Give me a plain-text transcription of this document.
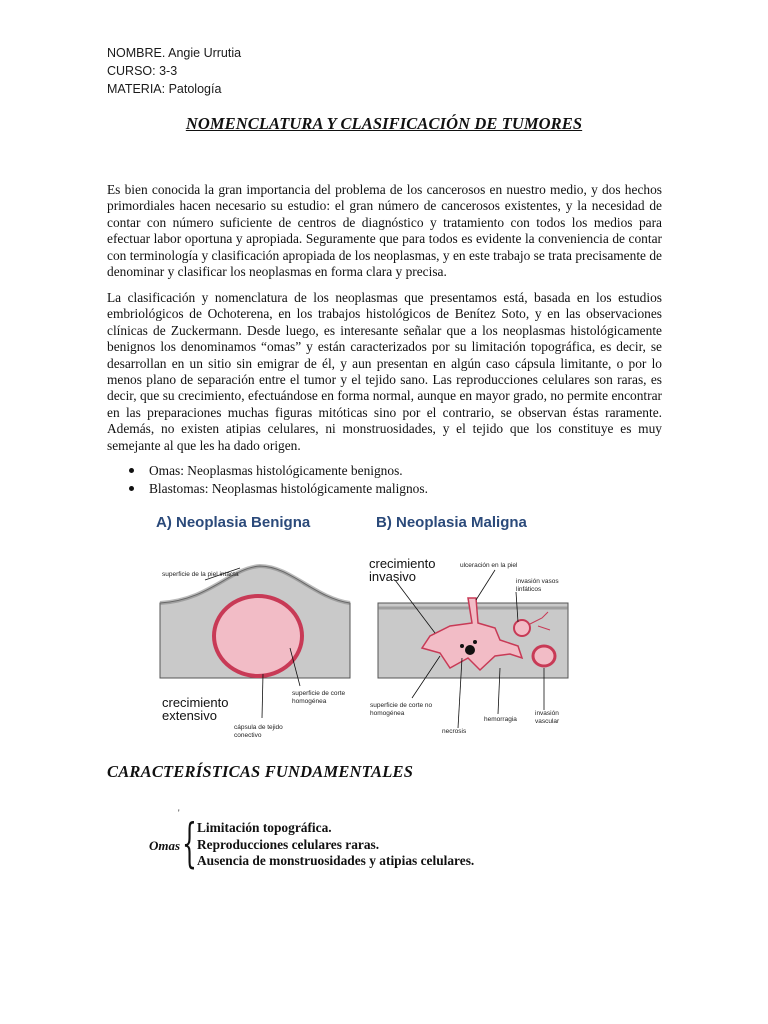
NOMBRE. Angie Urrutia
CURSO: 3-3
MATERIA: Patología
NOMENCLATURA Y CLASIFICACIÓN DE TUMORES
Es bien conocida la gran importancia del problema de los cancerosos en nuestro medio, y dos hechos primordiales hacen necesario su estudio: el gran número de cancerosos existentes, y la necesidad de contar con número suficiente de centros de diagnóstico y tratamiento con todos los medios para efectuar labor oportuna y apropiada. Seguramente que para todos es evidente la conveniencia de contar con terminología y clasificación apropiada de los neoplasmas, y en este trabajo se trata precisamente de denominar y clasificar los neoplasmas en forma clara y precisa.
La clasificación y nomenclatura de los neoplasmas que presentamos está, basada en los estudios embriológicos de Ochoterena, en los trabajos histológicos de Benítez Soto, y en las observaciones clínicas de Zuckermann. Desde luego, es interesante señalar que a los neoplasmas histológicamente benignos los denominamos “omas” y están caracterizados por su limitación topográfica, es decir, se desarrollan en un sitio sin emigrar de él, y aun presentan en algún caso cápsula limitante, o por lo menos plano de separación entre el tumor y el tejido sano. Las reproducciones celulares son raras, es decir, que su crecimiento, efectuándose en forma normal, aunque en mayor grado, no permite encontrar en las preparaciones muchas figuras mitóticas sino por el contrario, se observan éstas raramente. Además, no existen atipias celulares, ni monstruosidades, y el tejido que los constituye es muy semejante al que les ha dado origen.
Omas: Neoplasmas histológicamente benignos.
Blastomas: Neoplasmas histológicamente malignos.
A) Neoplasia Benigna	B) Neoplasia Maligna
superficie de la piel intacta
crecimiento extensivo
superficie de corte homogénea
cápsula de tejido conectivo
crecimiento invasivo
ulceración en la piel
invasión vasos linfáticos
superficie de corte no homogénea
necrosis
hemorragia
invasión vascular
CARACTERÍSTICAS FUNDAMENTALES
'
Omas { Limitación topográfica.
Reproducciones celulares raras.
Ausencia de monstruosidades y atipias celulares.
